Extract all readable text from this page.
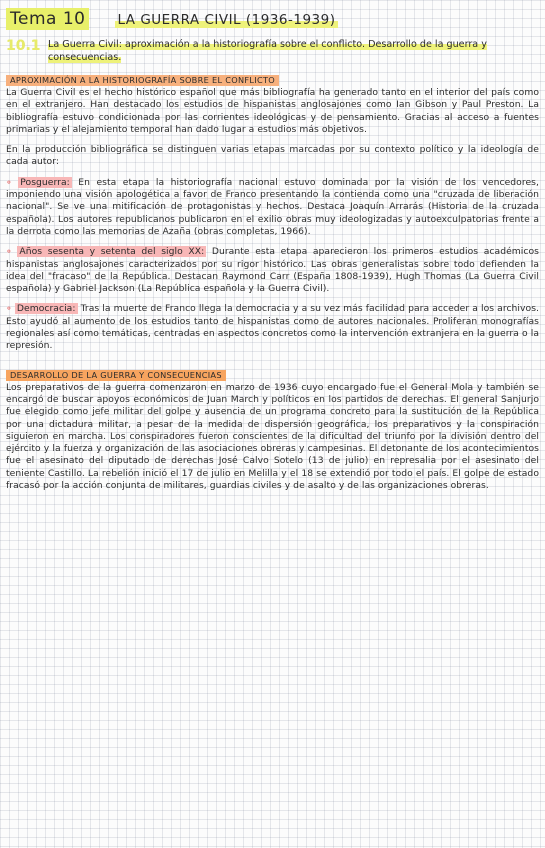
Tema 10 LA GUERRA CIVIL (1936-1939)
10.1 La Guerra Civil: aproximación a la historiografía sobre el conflicto. Desarrollo de la guerra y consecuencias.
APROXIMACIÓN A LA HISTORIOGRAFÍA SOBRE EL CONFLICTO

La Guerra Civil es el hecho histórico español que más bibliografía ha generado tanto en el interior del país como en el extranjero. Han destacado los estudios de hispanistas anglosajones como Ian Gibson y Paul Preston. La bibliografía estuvo condicionada por las corrientes ideológicas y de pensamiento. Gracias al acceso a fuentes primarias y el alejamiento temporal han dado lugar a estudios más objetivos.

En la producción bibliográfica se distinguen varias etapas marcadas por su contexto político y la ideología de cada autor:

∘ Posguerra: En esta etapa la historiografía nacional estuvo dominada por la visión de los vencedores, imponiendo una visión apologética a favor de Franco presentando la contienda como una "cruzada de liberación nacional". Se ve una mitificación de protagonistas y hechos. Destaca Joaquín Arrarás (Historia de la cruzada española). Los autores republicanos publicaron en el exilio obras muy ideologizadas y autoexculpatorias frente a la derrota como las memorias de Azaña (obras completas, 1966).

∘ Años sesenta y setenta del siglo XX: Durante esta etapa aparecieron los primeros estudios académicos hispanistas anglosajones caracterizados por su rigor histórico. Las obras generalistas sobre todo defienden la idea del "fracaso" de la República. Destacan Raymond Carr (España 1808-1939), Hugh Thomas (La Guerra Civil española) y Gabriel Jackson (La República española y la Guerra Civil).

∘ Democracia: Tras la muerte de Franco llega la democracia y a su vez más facilidad para acceder a los archivos. Esto ayudó al aumento de los estudios tanto de hispanistas como de autores nacionales. Proliferan monografías regionales así como temáticas, centradas en aspectos concretos como la intervención extranjera en la guerra o la represión.

DESARROLLO DE LA GUERRA Y CONSECUENCIAS

Los preparativos de la guerra comenzaron en marzo de 1936 cuyo encargado fue el General Mola y también se encargó de buscar apoyos económicos de Juan March y políticos en los partidos de derechas. El general Sanjurjo fue elegido como jefe militar del golpe y ausencia de un programa concreto para la sustitución de la República por una dictadura militar, a pesar de la medida de dispersión geográfica, los preparativos y la conspiración siguieron en marcha. Los conspiradores fueron conscientes de la dificultad del triunfo por la división dentro del ejército y la fuerza y organización de las asociaciones obreras y campesinas. El detonante de los acontecimientos fue el asesinato del diputado de derechas José Calvo Sotelo (13 de julio) en represalia por el asesinato del teniente Castillo. La rebelión inició el 17 de julio en Melilla y el 18 se extendió por todo el país. El golpe de estado fracasó por la acción conjunta de militares, guardias civiles y de asalto y de las organizaciones obreras.
